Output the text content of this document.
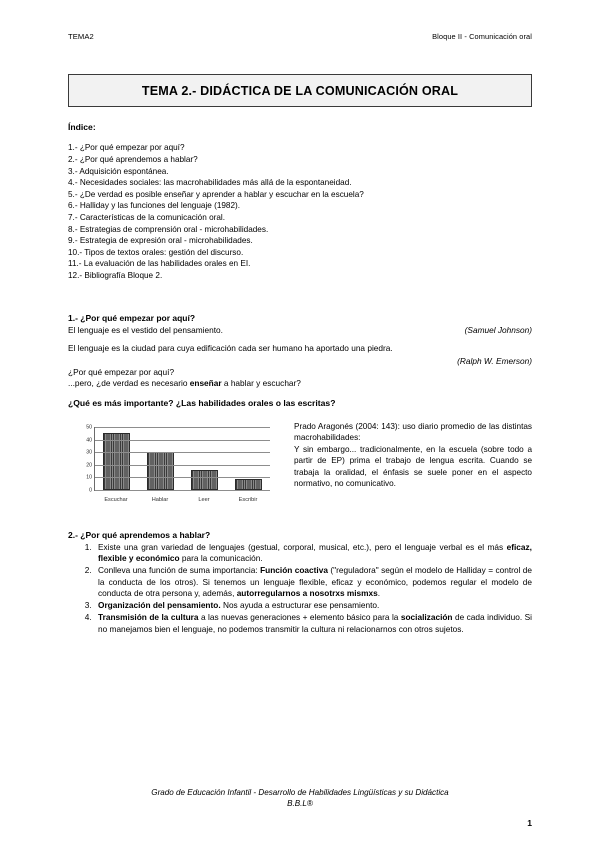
TEMA2	Bloque II - Comunicación oral
TEMA 2.- DIDÁCTICA DE LA COMUNICACIÓN ORAL

Índice:

1.- ¿Por qué empezar por aquí?
2.- ¿Por qué aprendemos a hablar?
3.- Adquisición espontánea.
4.- Necesidades sociales: las macrohabilidades más allá de la espontaneidad.
5.- ¿De verdad es posible enseñar y aprender a hablar y escuchar en la escuela?
6.- Halliday y las funciones del lenguaje (1982).
7.- Características de la comunicación oral.
8.- Estrategias de comprensión oral - microhabilidades.
9.- Estrategia de expresión oral - microhabilidades.
10.- Tipos de textos orales: gestión del discurso.
11.- La evaluación de las habilidades orales en EI.
12.- Bibliografía Bloque 2.

1.- ¿Por qué empezar por aquí?

El lenguaje es el vestido del pensamiento.	(Samuel Johnson)

El lenguaje es la ciudad para cuya edificación cada ser humano ha aportado una piedra.

(Ralph W. Emerson)

¿Por qué empezar por aquí?

...pero, ¿de verdad es necesario enseñar a hablar y escuchar?

¿Qué es más importante? ¿Las habilidades orales o las escritas?

0
10
20
30
40
50
Escuchar	Hablar	Leer	Escribir

Prado Aragonés (2004: 143): uso diario promedio de las distintas macrohabilidades:

Y sin embargo... tradicionalmente, en la escuela (sobre todo a partir de EP) prima el trabajo de lengua escrita. Cuando se trabaja la oralidad, el énfasis se suele poner en el aspecto normativo, no comunicativo.

2.- ¿Por qué aprendemos a hablar?

1. Existe una gran variedad de lenguajes (gestual, corporal, musical, etc.), pero el lenguaje verbal es el más eficaz, flexible y económico para la comunicación.
2. Conlleva una función de suma importancia: Función coactiva ("reguladora" según el modelo de Halliday = control de la conducta de los otros). Si tenemos un lenguaje flexible, eficaz y económico, podemos regular el modelo de conducta de otra persona y, además, autorregularnos a nosotrxs mismxs.
3. Organización del pensamiento. Nos ayuda a estructurar ese pensamiento.
4. Transmisión de la cultura a las nuevas generaciones + elemento básico para la socialización de cada individuo. Si no manejamos bien el lenguaje, no podemos transmitir la cultura ni relacionarnos con otros sujetos.
Grado de Educación Infantil - Desarrollo de Habilidades Lingüísticas y su Didáctica
B.B.L®
1
